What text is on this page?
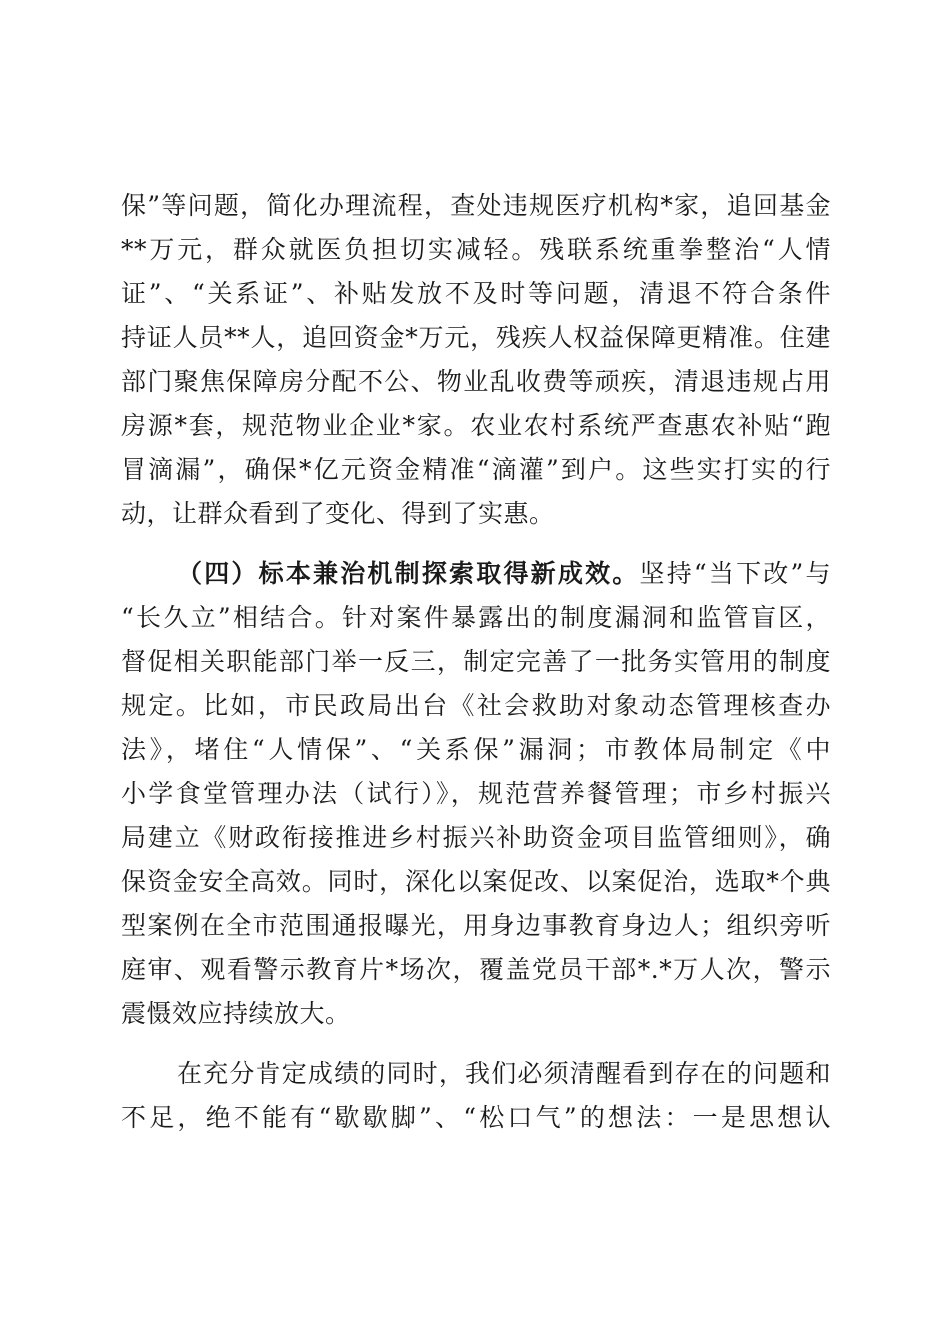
保”等问题，简化办理流程，查处违规医疗机构*家，追回基金
**万元，群众就医负担切实减轻。残联系统重拳整治“人情
证”、“关系证”、补贴发放不及时等问题，清退不符合条件
持证人员**人，追回资金*万元，残疾人权益保障更精准。住建
部门聚焦保障房分配不公、物业乱收费等顽疾，清退违规占用
房源*套，规范物业企业*家。农业农村系统严查惠农补贴“跑
冒滴漏”，确保*亿元资金精准“滴灌”到户。这些实打实的行
动，让群众看到了变化、得到了实惠。
（四）标本兼治机制探索取得新成效。坚持“当下改”与
“长久立”相结合。针对案件暴露出的制度漏洞和监管盲区，
督促相关职能部门举一反三，制定完善了一批务实管用的制度
规定。比如，市民政局出台《社会救助对象动态管理核查办
法》，堵住“人情保”、“关系保”漏洞；市教体局制定《中
小学食堂管理办法（试行）》，规范营养餐管理；市乡村振兴
局建立《财政衔接推进乡村振兴补助资金项目监管细则》，确
保资金安全高效。同时，深化以案促改、以案促治，选取*个典
型案例在全市范围通报曝光，用身边事教育身边人；组织旁听
庭审、观看警示教育片*场次，覆盖党员干部*.*万人次，警示
震慑效应持续放大。
在充分肯定成绩的同时，我们必须清醒看到存在的问题和
不足，绝不能有“歇歇脚”、“松口气”的想法：一是思想认
